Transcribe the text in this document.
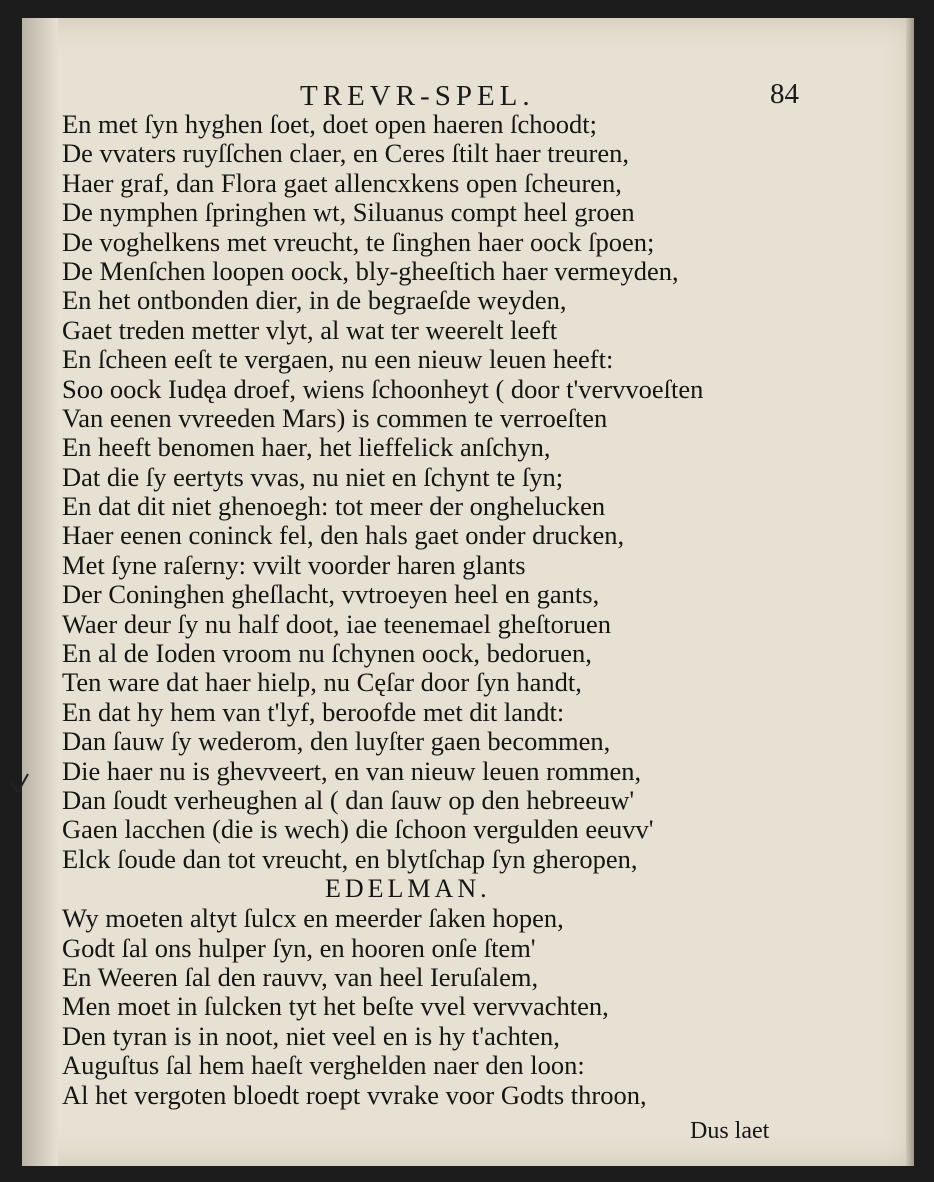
TREVR-SPEL.	84
En met ſyn hyghen ſoet, doet open haeren ſchoodt;
De vvaters ruyſſchen claer, en Ceres ſtilt haer treuren,
Haer graf, dan Flora gaet allencxkens open ſcheuren,
De nymphen ſpringhen wt, Siluanus compt heel groen
De voghelkens met vreucht, te ſinghen haer oock ſpoen;
De Menſchen loopen oock, bly-gheeſtich haer vermeyden,
En het ontbonden dier, in de begraeſde weyden,
Gaet treden metter vlyt, al wat ter weerelt leeft
En ſcheen eeſt te vergaen, nu een nieuw leuen heeft:
Soo oock Iudęa droef, wiens ſchoonheyt ( door t'vervvoeſten
Van eenen vvreeden Mars) is commen te verroeſten
En heeft benomen haer, het lieffelick anſchyn,
Dat die ſy eertyts vvas, nu niet en ſchynt te ſyn;
En dat dit niet ghenoegh: tot meer der onghelucken
Haer eenen coninck fel, den hals gaet onder drucken,
Met ſyne raſerny: vvilt voorder haren glants
Der Coninghen gheſlacht, vvtroeyen heel en gants,
Waer deur ſy nu half doot, iae teenemael gheſtoruen
En al de Ioden vroom nu ſchynen oock, bedoruen,
Ten ware dat haer hielp, nu Cęſar door ſyn handt,
En dat hy hem van t'lyf, beroofde met dit landt:
Dan ſauw ſy wederom, den luyſter gaen becommen,
Die haer nu is ghevveert, en van nieuw leuen rommen,
Dan ſoudt verheughen al ( dan ſauw op den hebreeuw'
Gaen lacchen (die is wech) die ſchoon vergulden eeuvv'
Elck ſoude dan tot vreucht, en blytſchap ſyn gheropen,
EDELMAN.
Wy moeten altyt ſulcx en meerder ſaken hopen,
Godt ſal ons hulper ſyn, en hooren onſe ſtem'
En Weeren ſal den rauvv, van heel Ieruſalem,
Men moet in ſulcken tyt het beſte vvel vervvachten,
Den tyran is in noot, niet veel en is hy t'achten,
Auguſtus ſal hem haeſt verghelden naer den loon:
Al het vergoten bloedt roept vvrake voor Godts throon,
Dus laet
